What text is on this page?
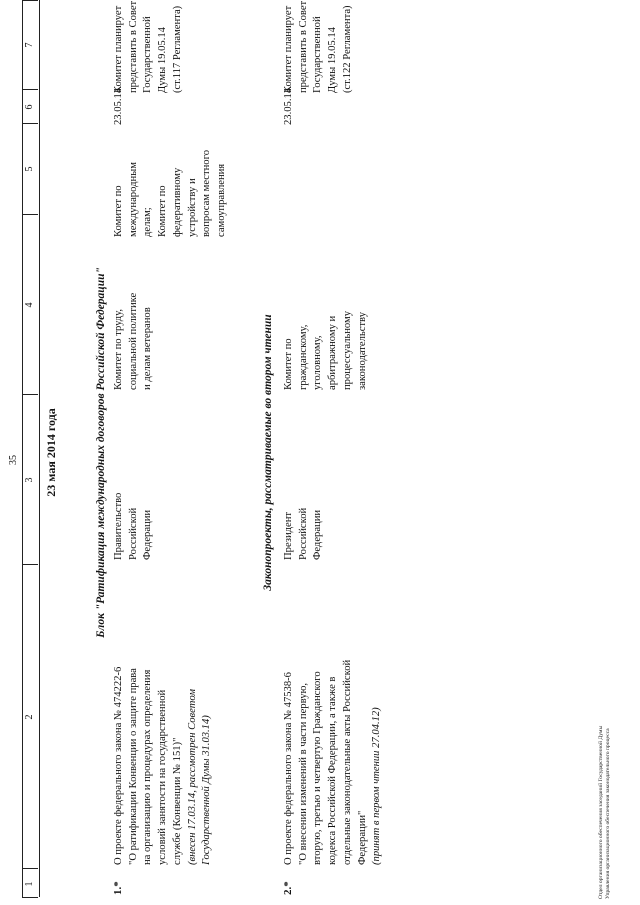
35
1
2
3
4
5
6
7
23 мая 2014 года	Блок "Ратификация международных договоров Российской Федерации"
1.*
О проекте федерального закона № 474222-6
"О ратификации Конвенции о защите права
на организацию и процедурах определения
условий занятости на государственной
службе (Конвенции № 151)"
(внесен 17.03.14, рассмотрен Советом
Государственной Думы 31.03.14)
Правительство
Российской
Федерации
Комитет по труду,
социальной политике
и делам ветеранов
Комитет по
международным
делам;
Комитет по
федеративному
устройству и
вопросам местного
самоуправления
23.05.14
Комитет планирует
представить в Совет
Государственной
Думы 19.05.14
(ст.117 Регламента)
Законопроекты, рассматриваемые во втором чтении
2.*
О проекте федерального закона № 47538-6
"О внесении изменений в части первую,
вторую, третью и четвертую Гражданского
кодекса Российской Федерации, а также в
отдельные законодательные акты Российской
Федерации" (принят в первом чтении 27.04.12)
Президент
Российской
Федерации
Комитет по
гражданскому,
уголовному,
арбитражному и
процессуальному
законодательству
23.05.14
Комитет планирует
представить в Совет
Государственной
Думы 19.05.14
(ст.122 Регламента)
Отдел организационного обеспечения заседаний Государственной Думы
Управления организационного обеспечения законодательного процесса
